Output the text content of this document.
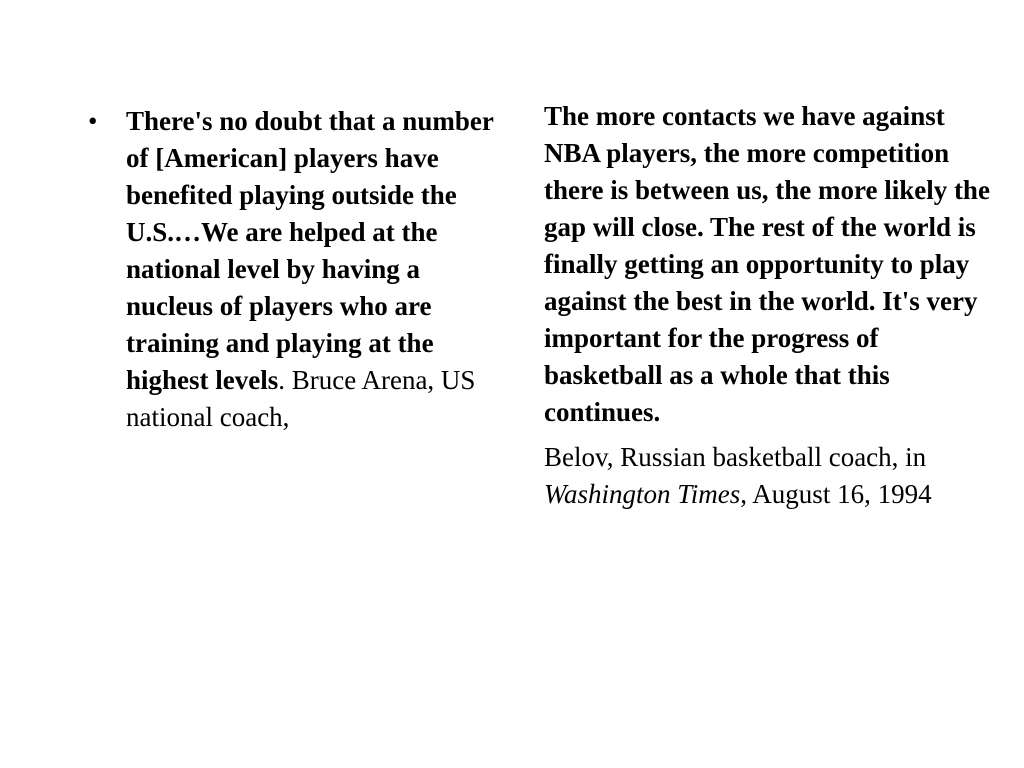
• There's no doubt that a number of [American] players have benefited playing outside the U.S.…We are helped at the national level by having a nucleus of players who are training and playing at the highest levels. Bruce Arena, US national coach,
The more contacts we have against NBA players, the more competition there is between us, the more likely the gap will close. The rest of the world is finally getting an opportunity to play against the best in the world. It's very important for the progress of basketball as a whole that this continues.
Belov, Russian basketball coach, in Washington Times, August 16, 1994
